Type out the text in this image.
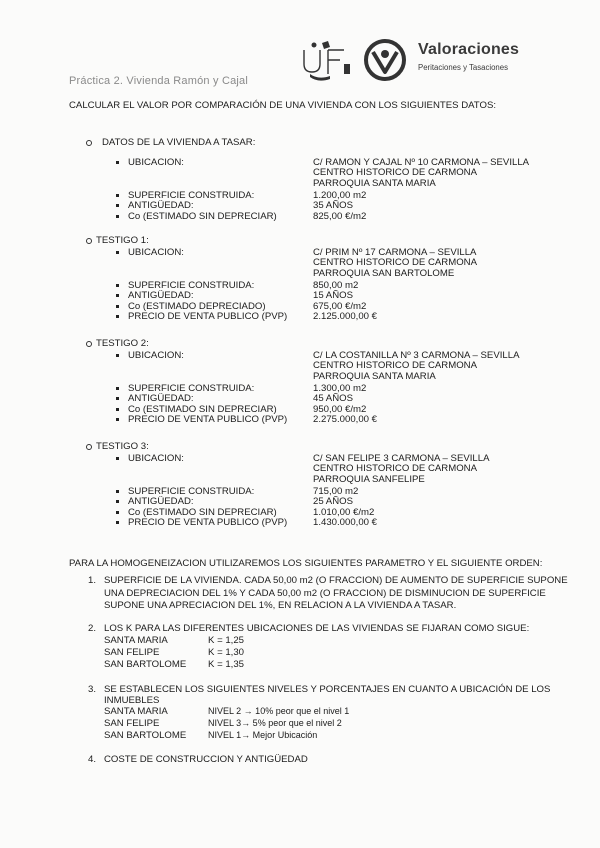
Práctica 2. Vivienda Ramón y Cajal
Valoraciones
Peritaciones y Tasaciones
CALCULAR EL VALOR POR COMPARACIÓN DE UNA VIVIENDA CON LOS SIGUIENTES DATOS:
DATOS DE LA VIVIENDA A TASAR:
UBICACION:	C/ RAMON Y CAJAL Nº 10 CARMONA – SEVILLA
CENTRO HISTORICO DE CARMONA
PARROQUIA SANTA MARIA
SUPERFICIE CONSTRUIDA:	1.200,00 m2
ANTIGÜEDAD:	35 AÑOS
Co (ESTIMADO SIN DEPRECIAR)	825,00 €/m2
TESTIGO 1:
UBICACION:	C/ PRIM Nº 17 CARMONA – SEVILLA
CENTRO HISTORICO DE CARMONA
PARROQUIA SAN BARTOLOME
SUPERFICIE CONSTRUIDA:	850,00 m2
ANTIGÜEDAD:	15 AÑOS
Co (ESTIMADO DEPRECIADO)	675,00 €/m2
PRECIO DE VENTA PUBLICO (PVP)	2.125.000,00 €
TESTIGO 2:
UBICACION:	C/ LA COSTANILLA Nº 3 CARMONA – SEVILLA
CENTRO HISTORICO DE CARMONA
PARROQUIA SANTA MARIA
SUPERFICIE CONSTRUIDA:	1.300,00 m2
ANTIGÜEDAD:	45 AÑOS
Co (ESTIMADO SIN DEPRECIAR)	950,00 €/m2
PRECIO DE VENTA PUBLICO (PVP)	2.275.000,00 €
TESTIGO 3:
UBICACION:	C/ SAN FELIPE 3 CARMONA – SEVILLA
CENTRO HISTORICO DE CARMONA
PARROQUIA SANFELIPE
SUPERFICIE CONSTRUIDA:	715,00 m2
ANTIGÜEDAD:	25 AÑOS
Co (ESTIMADO SIN DEPRECIAR)	1.010,00 €/m2
PRECIO DE VENTA PUBLICO (PVP)	1.430.000,00 €
PARA LA HOMOGENEIZACION UTILIZAREMOS LOS SIGUIENTES PARAMETRO Y EL SIGUIENTE ORDEN:
1. SUPERFICIE DE LA VIVIENDA. CADA 50,00 m2 (O FRACCION) DE AUMENTO DE SUPERFICIE SUPONE UNA DEPRECIACION DEL 1% Y CADA 50,00 m2 (O FRACCION) DE DISMINUCION DE SUPERFICIE SUPONE UNA APRECIACION DEL 1%, EN RELACION A LA VIVIENDA A TASAR.
2. LOS K PARA LAS DIFERENTES UBICACIONES DE LAS VIVIENDAS SE FIJARAN COMO SIGUE:
SANTA MARIA	K = 1,25
SAN FELIPE	K = 1,30
SAN BARTOLOME K = 1,35
3. SE ESTABLECEN LOS SIGUIENTES NIVELES Y PORCENTAJES EN CUANTO A UBICACIÓN DE LOS INMUEBLES
SANTA MARIA	NIVEL 2 → 10% peor que el nivel 1
SAN FELIPE	NIVEL 3→ 5% peor que el nivel 2
SAN BARTOLOME NIVEL 1→ Mejor Ubicación
4. COSTE DE CONSTRUCCION Y ANTIGÜEDAD
